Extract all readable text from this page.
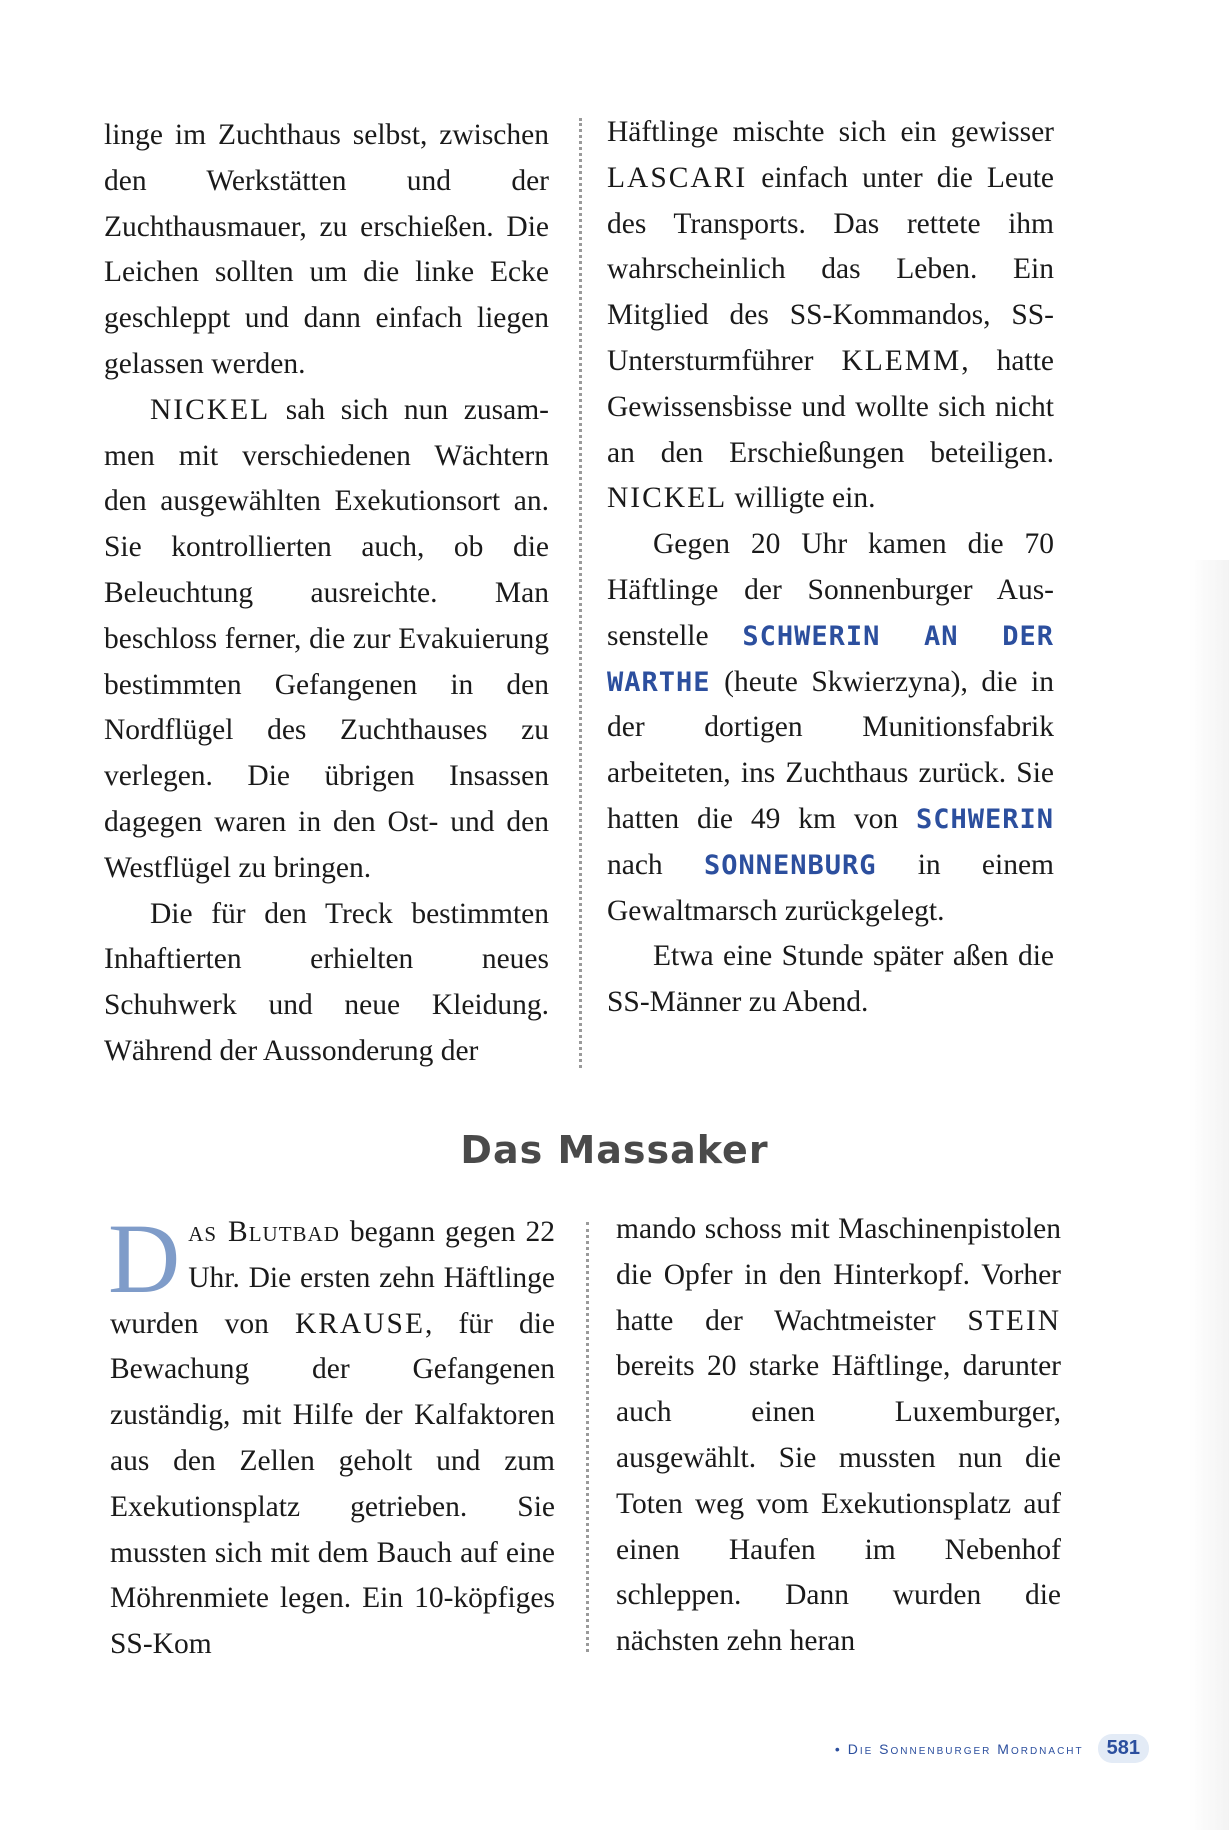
linge im Zuchthaus selbst, zwischen den Werkstätten und der Zuchthausmauer, zu erschießen. Die Leichen sollten um die linke Ecke geschleppt und dann einfach liegen gelassen werden.

NICKEL sah sich nun zusammen mit verschiedenen Wächtern den ausgewählten Exekutionsort an. Sie kontrollierten auch, ob die Beleuchtung ausreichte. Man beschloss ferner, die zur Evakuierung bestimmten Gefangenen in den Nordflügel des Zuchthauses zu verlegen. Die übrigen Insassen dagegen waren in den Ost- und den Westflügel zu bringen.

Die für den Treck bestimmten Inhaftierten erhielten neues Schuhwerk und neue Kleidung. Während der Aussonderung der

Häftlinge mischte sich ein gewisser LASCARI einfach unter die Leute des Transports. Das rettete ihm wahrscheinlich das Leben. Ein Mitglied des SS-Kommandos, SS-Untersturmführer KLEMM, hatte Gewissensbisse und wollte sich nicht an den Erschießungen beteiligen. NICKEL willigte ein.

Gegen 20 Uhr kamen die 70 Häftlinge der Sonnenburger Aussenstelle SCHWERIN AN DER WARTHE (heute Skwierzyna), die in der dortigen Munitionsfabrik arbeiteten, ins Zuchthaus zurück. Sie hatten die 49 km von SCHWERIN nach SONNENBURG in einem Gewaltmarsch zurückgelegt.

Etwa eine Stunde später aßen die SS-Männer zu Abend.

Das Massaker

Das Blutbad begann gegen 22 Uhr. Die ersten zehn Häftlinge wurden von KRAUSE, für die Bewachung der Gefangenen zuständig, mit Hilfe der Kalfaktoren aus den Zellen geholt und zum Exekutionsplatz getrieben. Sie mussten sich mit dem Bauch auf eine Möhrenmiete legen. Ein 10-köpfiges SS-Kom

mando schoss mit Maschinenpistolen die Opfer in den Hinterkopf. Vorher hatte der Wachtmeister STEIN bereits 20 starke Häftlinge, darunter auch einen Luxemburger, ausgewählt. Sie mussten nun die Toten weg vom Exekutionsplatz auf einen Haufen im Nebenhof schleppen. Dann wurden die nächsten zehn heran

• Die Sonnenburger Mordnacht	581
